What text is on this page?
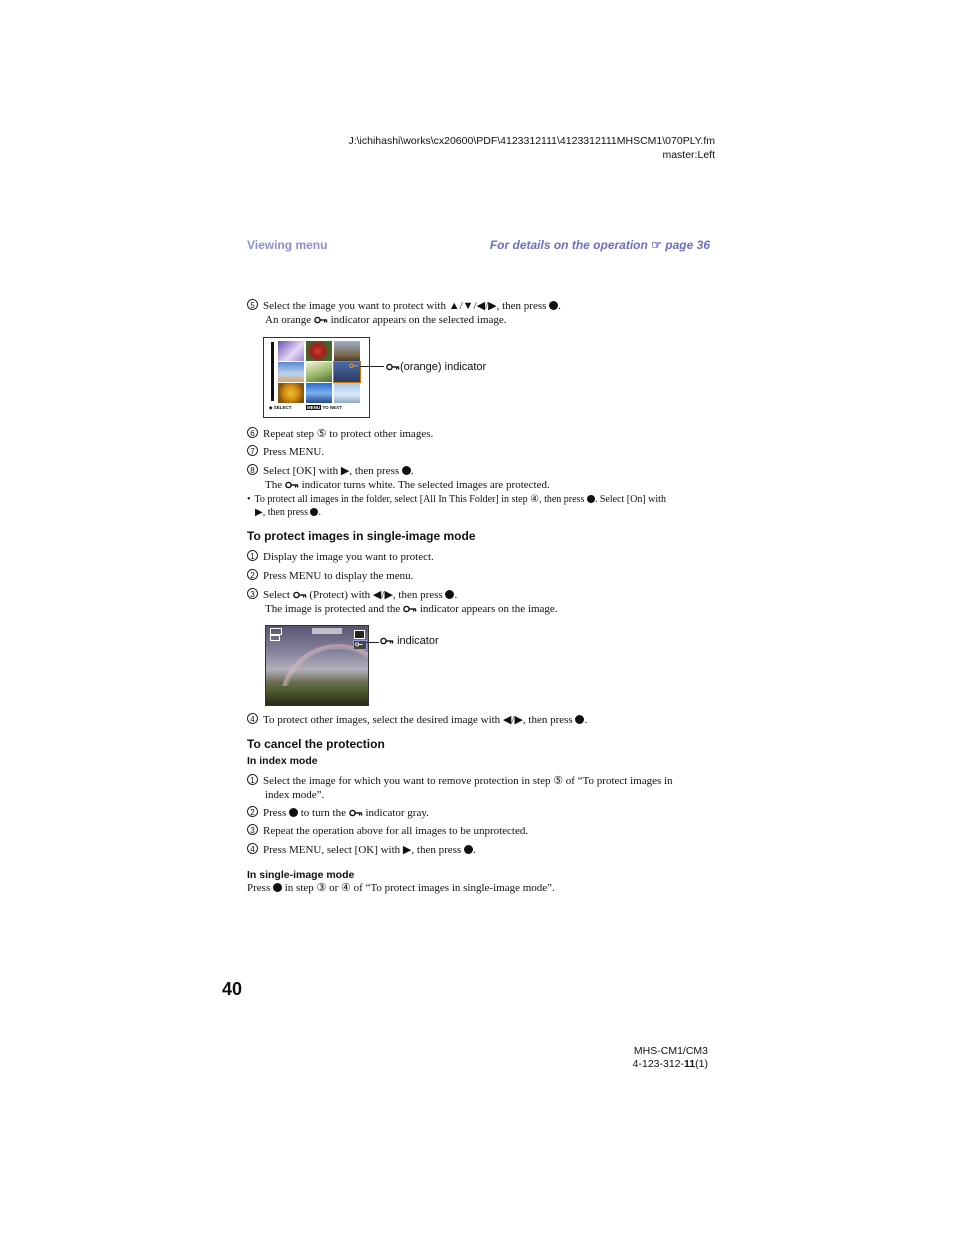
J:\ichihashi\works\cx20600\PDF\4123312111\4123312111MHSCM1\070PLY.fm
master:Left
Viewing menu	For details on the operation ☞ page 36
5 Select the image you want to protect with ▲/▼/◀/▶, then press .
An orange indicator appears on the selected image.
◆ SELECT	MENU TO NEXT
(orange) indicator
6 Repeat step ⑤ to protect other images.
7 Press MENU.
8 Select [OK] with ▶, then press .
The indicator turns white. The selected images are protected.
• To protect all images in the folder, select [All In This Folder] in step ④, then press . Select [On] with
▶, then press .
To protect images in single-image mode
1 Display the image you want to protect.
2 Press MENU to display the menu.
3 Select (Protect) with ◀/▶, then press .
The image is protected and the indicator appears on the image.
indicator
4 To protect other images, select the desired image with ◀/▶, then press .
To cancel the protection
In index mode
1 Select the image for which you want to remove protection in step ⑤ of “To protect images in
index mode”.
2 Press to turn the indicator gray.
3 Repeat the operation above for all images to be unprotected.
4 Press MENU, select [OK] with ▶, then press .
In single-image mode
Press in step ③ or ④ of “To protect images in single-image mode”.
40
MHS-CM1/CM3
4-123-312-11(1)
